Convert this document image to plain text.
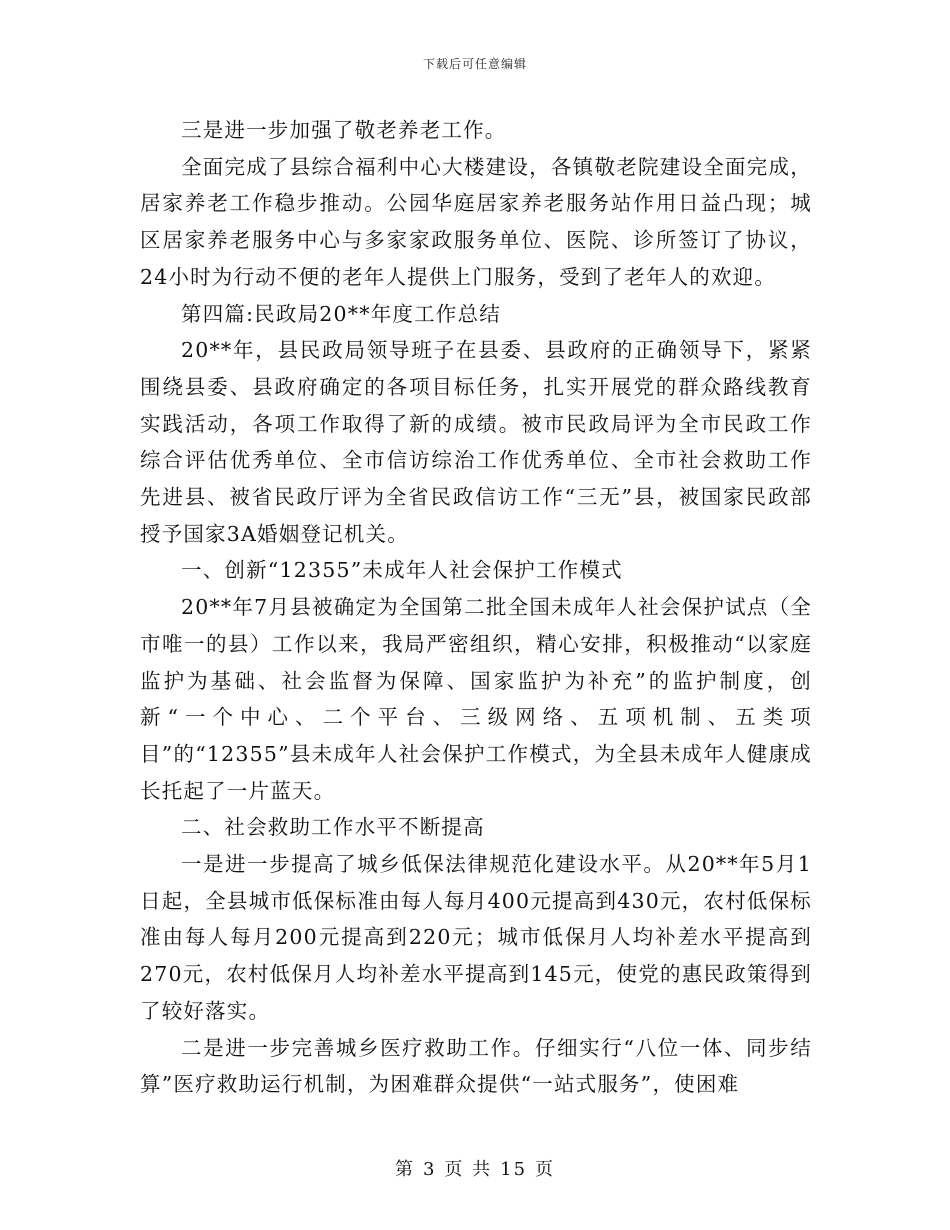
下载后可任意编辑

三是进一步加强了敬老养老工作。

全面完成了县综合福利中心大楼建设，各镇敬老院建设全面完成，居家养老工作稳步推动。公园华庭居家养老服务站作用日益凸现；城区居家养老服务中心与多家家政服务单位、医院、诊所签订了协议，24小时为行动不便的老年人提供上门服务，受到了老年人的欢迎。

第四篇:民政局20**年度工作总结

20**年，县民政局领导班子在县委、县政府的正确领导下，紧紧围绕县委、县政府确定的各项目标任务，扎实开展党的群众路线教育实践活动，各项工作取得了新的成绩。被市民政局评为全市民政工作综合评估优秀单位、全市信访综治工作优秀单位、全市社会救助工作先进县、被省民政厅评为全省民政信访工作“三无”县，被国家民政部授予国家3A婚姻登记机关。

一、创新“12355”未成年人社会保护工作模式

20**年7月县被确定为全国第二批全国未成年人社会保护试点（全市唯一的县）工作以来，我局严密组织，精心安排，积极推动“以家庭监护为基础、社会监督为保障、国家监护为补充”的监护制度，创新“一个中心、二个平台、三级网络、五项机制、五类项目”的“12355”县未成年人社会保护工作模式，为全县未成年人健康成长托起了一片蓝天。

二、社会救助工作水平不断提高

一是进一步提高了城乡低保法律规范化建设水平。从20**年5月1日起，全县城市低保标准由每人每月400元提高到430元，农村低保标准由每人每月200元提高到220元；城市低保月人均补差水平提高到270元，农村低保月人均补差水平提高到145元，使党的惠民政策得到了较好落实。

二是进一步完善城乡医疗救助工作。仔细实行“八位一体、同步结算”医疗救助运行机制，为困难群众提供“一站式服务”，使困难

第 3 页 共 15 页
